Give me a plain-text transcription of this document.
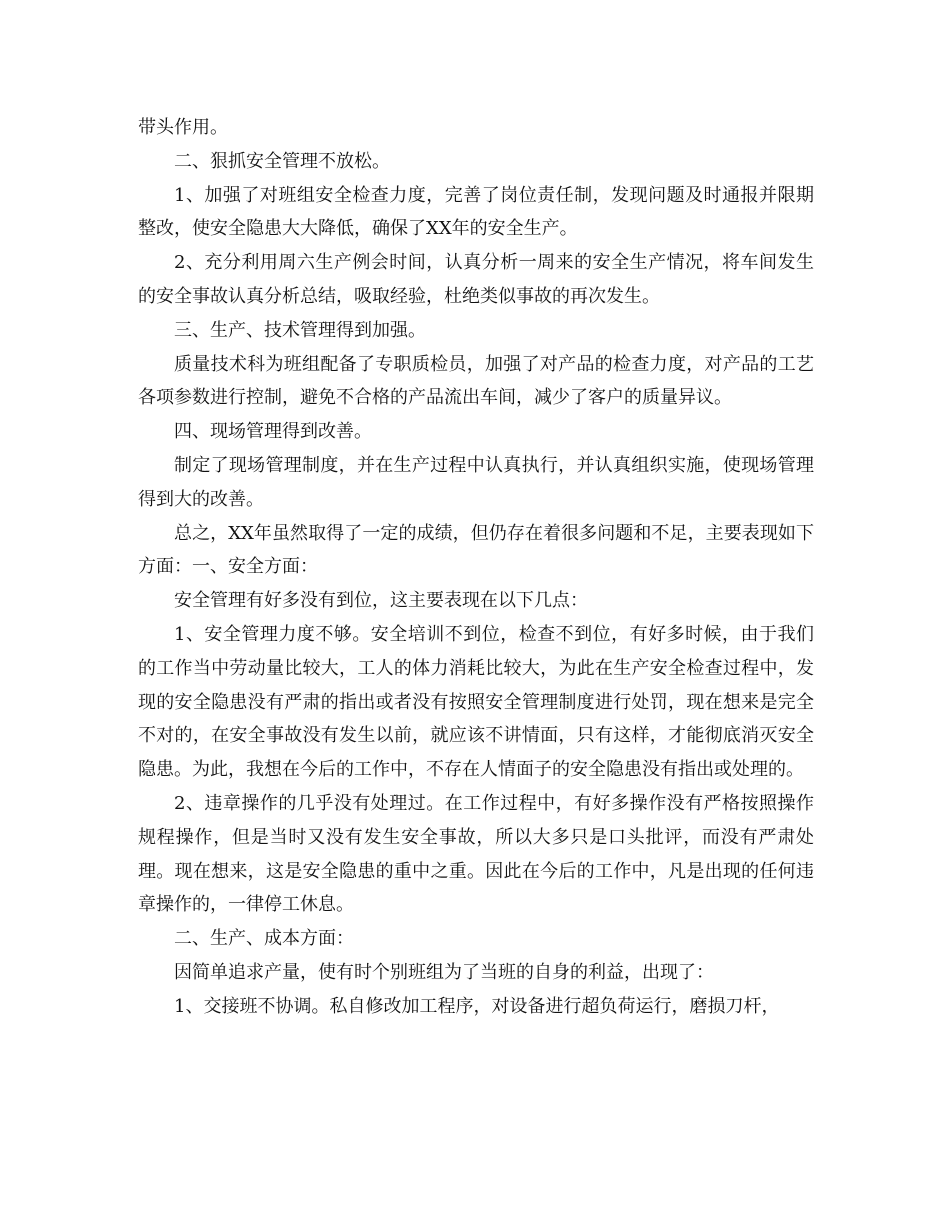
带头作用。

二、狠抓安全管理不放松。

1、加强了对班组安全检查力度，完善了岗位责任制，发现问题及时通报并限期整改，使安全隐患大大降低，确保了XX年的安全生产。

2、充分利用周六生产例会时间，认真分析一周来的安全生产情况，将车间发生的安全事故认真分析总结，吸取经验，杜绝类似事故的再次发生。

三、生产、技术管理得到加强。

质量技术科为班组配备了专职质检员，加强了对产品的检查力度，对产品的工艺各项参数进行控制，避免不合格的产品流出车间，减少了客户的质量异议。

四、现场管理得到改善。

制定了现场管理制度，并在生产过程中认真执行，并认真组织实施，使现场管理得到大的改善。

总之，XX年虽然取得了一定的成绩，但仍存在着很多问题和不足，主要表现如下方面：一、安全方面：

安全管理有好多没有到位，这主要表现在以下几点：

1、安全管理力度不够。安全培训不到位，检查不到位，有好多时候，由于我们的工作当中劳动量比较大，工人的体力消耗比较大，为此在生产安全检查过程中，发现的安全隐患没有严肃的指出或者没有按照安全管理制度进行处罚，现在想来是完全不对的，在安全事故没有发生以前，就应该不讲情面，只有这样，才能彻底消灭安全隐患。为此，我想在今后的工作中，不存在人情面子的安全隐患没有指出或处理的。

2、违章操作的几乎没有处理过。在工作过程中，有好多操作没有严格按照操作规程操作，但是当时又没有发生安全事故，所以大多只是口头批评，而没有严肃处理。现在想来，这是安全隐患的重中之重。因此在今后的工作中，凡是出现的任何违章操作的，一律停工休息。

二、生产、成本方面：

因简单追求产量，使有时个别班组为了当班的自身的利益，出现了：

1、交接班不协调。私自修改加工程序，对设备进行超负荷运行，磨损刀杆，
